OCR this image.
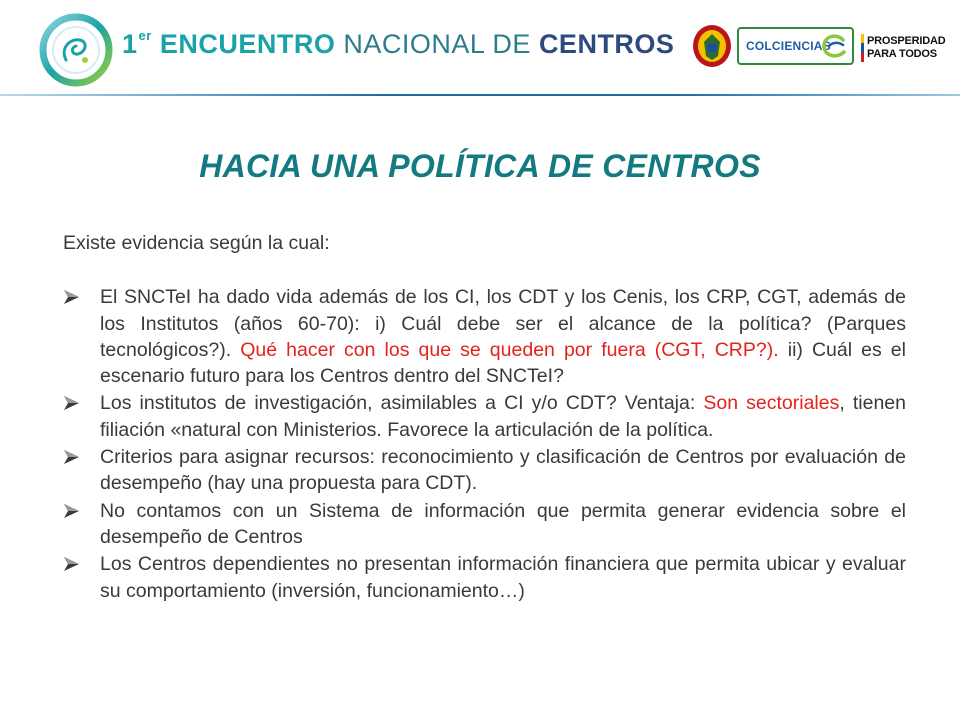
1er ENCUENTRO NACIONAL DE CENTROS	COLCIENCIAS	PROSPERIDAD
PARA TODOS
HACIA UNA POLÍTICA DE CENTROS

Existe evidencia según la cual:

El SNCTeI ha dado vida además de los CI, los CDT y los Cenis, los CRP, CGT, además de los Institutos (años 60-70): i) Cuál debe ser el alcance de la política? (Parques tecnológicos?). Qué hacer con los que se queden por fuera (CGT, CRP?). ii) Cuál es el escenario futuro para los Centros dentro del SNCTeI?
Los institutos de investigación, asimilables a CI y/o CDT? Ventaja: Son sectoriales, tienen filiación «natural con Ministerios. Favorece la articulación de la política.
Criterios para asignar recursos: reconocimiento y clasificación de Centros por evaluación de desempeño (hay una propuesta para CDT).
No contamos con un Sistema de información que permita generar evidencia sobre el desempeño de Centros
Los Centros dependientes no presentan información financiera que permita ubicar y evaluar su comportamiento (inversión, funcionamiento…)
